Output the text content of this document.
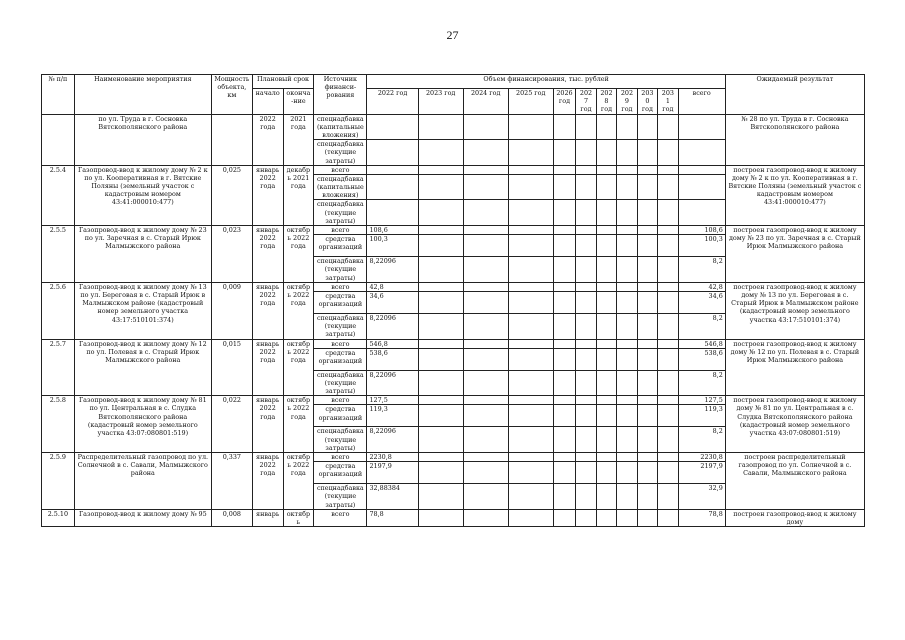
27
№ п/п	Наименование мероприятия	Мощность объекта, км	Плановый срок		Источник финанси-рования	Объем финансирования, тыс. рублей											Ожидаемый результат
			начало	оконча-ние		2022 год	2023 год	2024 год	2025 год	2026 год	2027 год	2028 год	2029 год	2030 год	2031 год	всего	

	по ул. Труда в г. Сосновка Вятскополянского района		2022 года	2021 года	спецнадбавка (капитальные вложения)												№ 28 по ул. Труда в г. Сосновка Вятскополянского района
					спецнадбавка (текущие затраты)												
2.5.4	Газопровод-ввод к жилому дому № 2 к по ул. Кооперативная в г. Вятские Поляны (земельный участок с кадастровым номером 43:41:000010:477)	0,025	январь 2022 года	декабрь 2021 года	всего												построен газопровод-ввод к жилому дому № 2 к по ул. Кооперативная в г. Вятские Поляны (земельный участок с кадастровым номером 43:41:000010:477)
					спецнадбавка (капитальные вложения)												
					спецнадбавка (текущие затраты)												
2.5.5	Газопровод-ввод к жилому дому № 23 по ул. Заречная в с. Старый Ирюк Малмыжского района	0,023	январь 2022 года	октябрь 2022 года	всего	108,6										108,6	построен газопровод-ввод к жилому дому № 23 по ул. Заречная в с. Старый Ирюк Малмыжского района
					средства организаций	100,3										100,3	
					спецнадбавка (текущие затраты)	8,22096										8,2	
2.5.6	Газопровод-ввод к жилому дому № 13 по ул. Береговая в с. Старый Ирюк в Малмыжском районе (кадастровый номер земельного участка 43:17:510101:374)	0,009	январь 2022 года	октябрь 2022 года	всего	42,8										42,8	построен газопровод-ввод к жилому дому № 13 по ул. Береговая в с. Старый Ирюк в Малмыжском районе (кадастровый номер земельного участка 43:17:510101:374)
					средства организаций	34,6										34,6	
					спецнадбавка (текущие затраты)	8,22096										8,2	
2.5.7	Газопровод-ввод к жилому дому № 12 по ул. Полевая в с. Старый Ирюк Малмыжского района	0,015	январь 2022 года	октябрь 2022 года	всего	546,8										546,8	построен газопровод-ввод к жилому дому № 12 по ул. Полевая в с. Старый Ирюк Малмыжского района
					средства организаций	538,6										538,6	
					спецнадбавка (текущие затраты)	8,22096										8,2	
2.5.8	Газопровод-ввод к жилому дому № 81 по ул. Центральная в с. Слудка Вятскополянского района (кадастровый номер земельного участка 43:07:080801:519)	0,022	январь 2022 года	октябрь 2022 года	всего	127,5										127,5	построен газопровод-ввод к жилому дому № 81 по ул. Центральная в с. Слудка Вятскополянского района (кадастровый номер земельного участка 43:07:080801:519)
					средства организаций	119,3										119,3	
					спецнадбавка (текущие затраты)	8,22096										8,2	
2.5.9	Распределительный газопровод по ул. Солнечной в с. Савали, Малмыжского района	0,337	январь 2022 года	октябрь 2022 года	всего	2230,8										2230,8	построен распределительный газопровод по ул. Солнечной в с. Савали, Малмыжского района
					средства организаций	2197,9										2197,9	
					спецнадбавка (текущие затраты)	32,88384										32,9	
2.5.10	Газопровод-ввод к жилому дому № 95	0,008	январь	октябрь	всего	78,8										78,8	построен газопровод-ввод к жилому дому
